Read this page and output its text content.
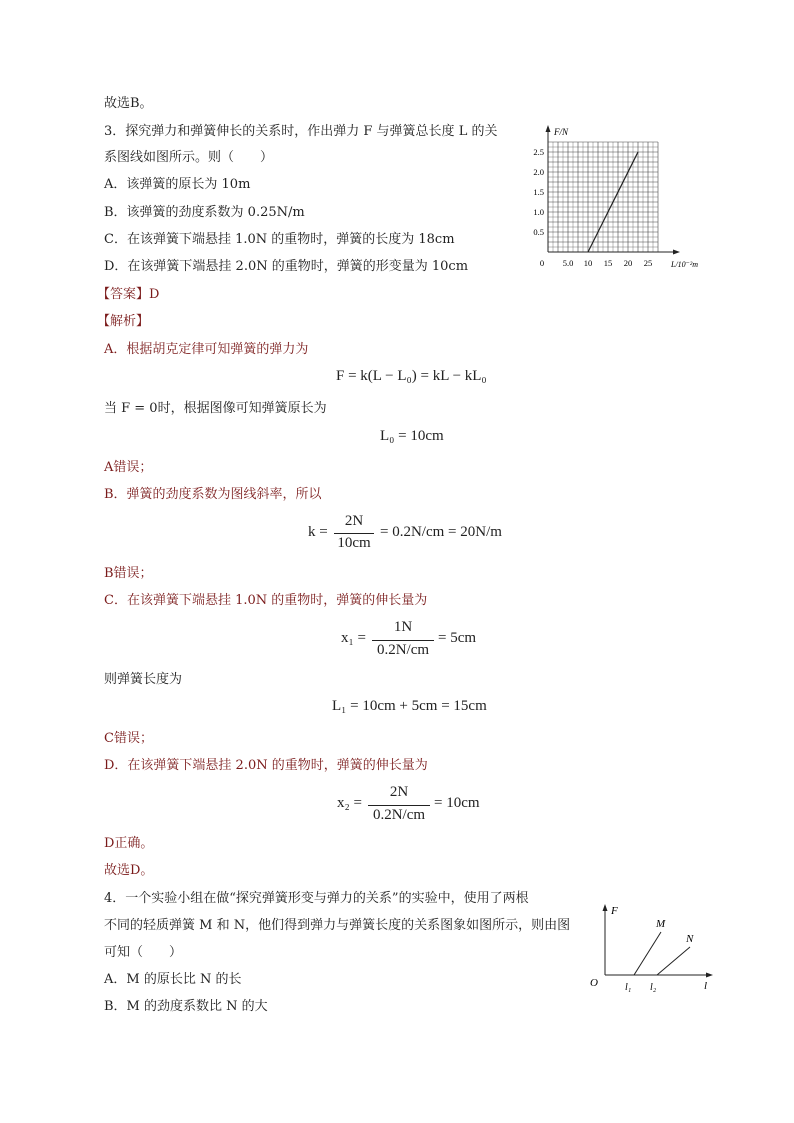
故选B。
3．探究弹力和弹簧伸长的关系时，作出弹力 F 与弹簧总长度 L 的关
系图线如图所示。则（　　）
A．该弹簧的原长为 10m
B．该弹簧的劲度系数为 0.25N/m
C．在该弹簧下端悬挂 1.0N 的重物时，弹簧的长度为 18cm
D．在该弹簧下端悬挂 2.0N 的重物时，弹簧的形变量为 10cm
【答案】D
【解析】
A．根据胡克定律可知弹簧的弹力为
F = k(L − L₀) = kL − kL₀
当 F = 0时，根据图像可知弹簧原长为
L₀ = 10cm
A错误；
B．弹簧的劲度系数为图线斜率，所以
k =
2N
10cm
= 0.2N/cm = 20N/m
B错误；
C．在该弹簧下端悬挂 1.0N 的重物时，弹簧的伸长量为
x₁ =
1N
0.2N/cm
= 5cm
则弹簧长度为
L₁ = 10cm + 5cm = 15cm
C错误；
D．在该弹簧下端悬挂 2.0N 的重物时，弹簧的伸长量为
x₂ =
2N
0.2N/cm
= 10cm
D正确。
故选D。
4．一个实验小组在做“探究弹簧形变与弹力的关系”的实验中，使用了两根
不同的轻质弹簧 M 和 N，他们得到弹力与弹簧长度的关系图象如图所示，则由图
可知（　　）
A．M 的原长比 N 的长
B．M 的劲度系数比 N 的大
F/N
L/10⁻²m
2.5
2.0
1.5
1.0
0.5
0 5.0 10 15 20 25
F
l
O
M
N
l₁ l₂
